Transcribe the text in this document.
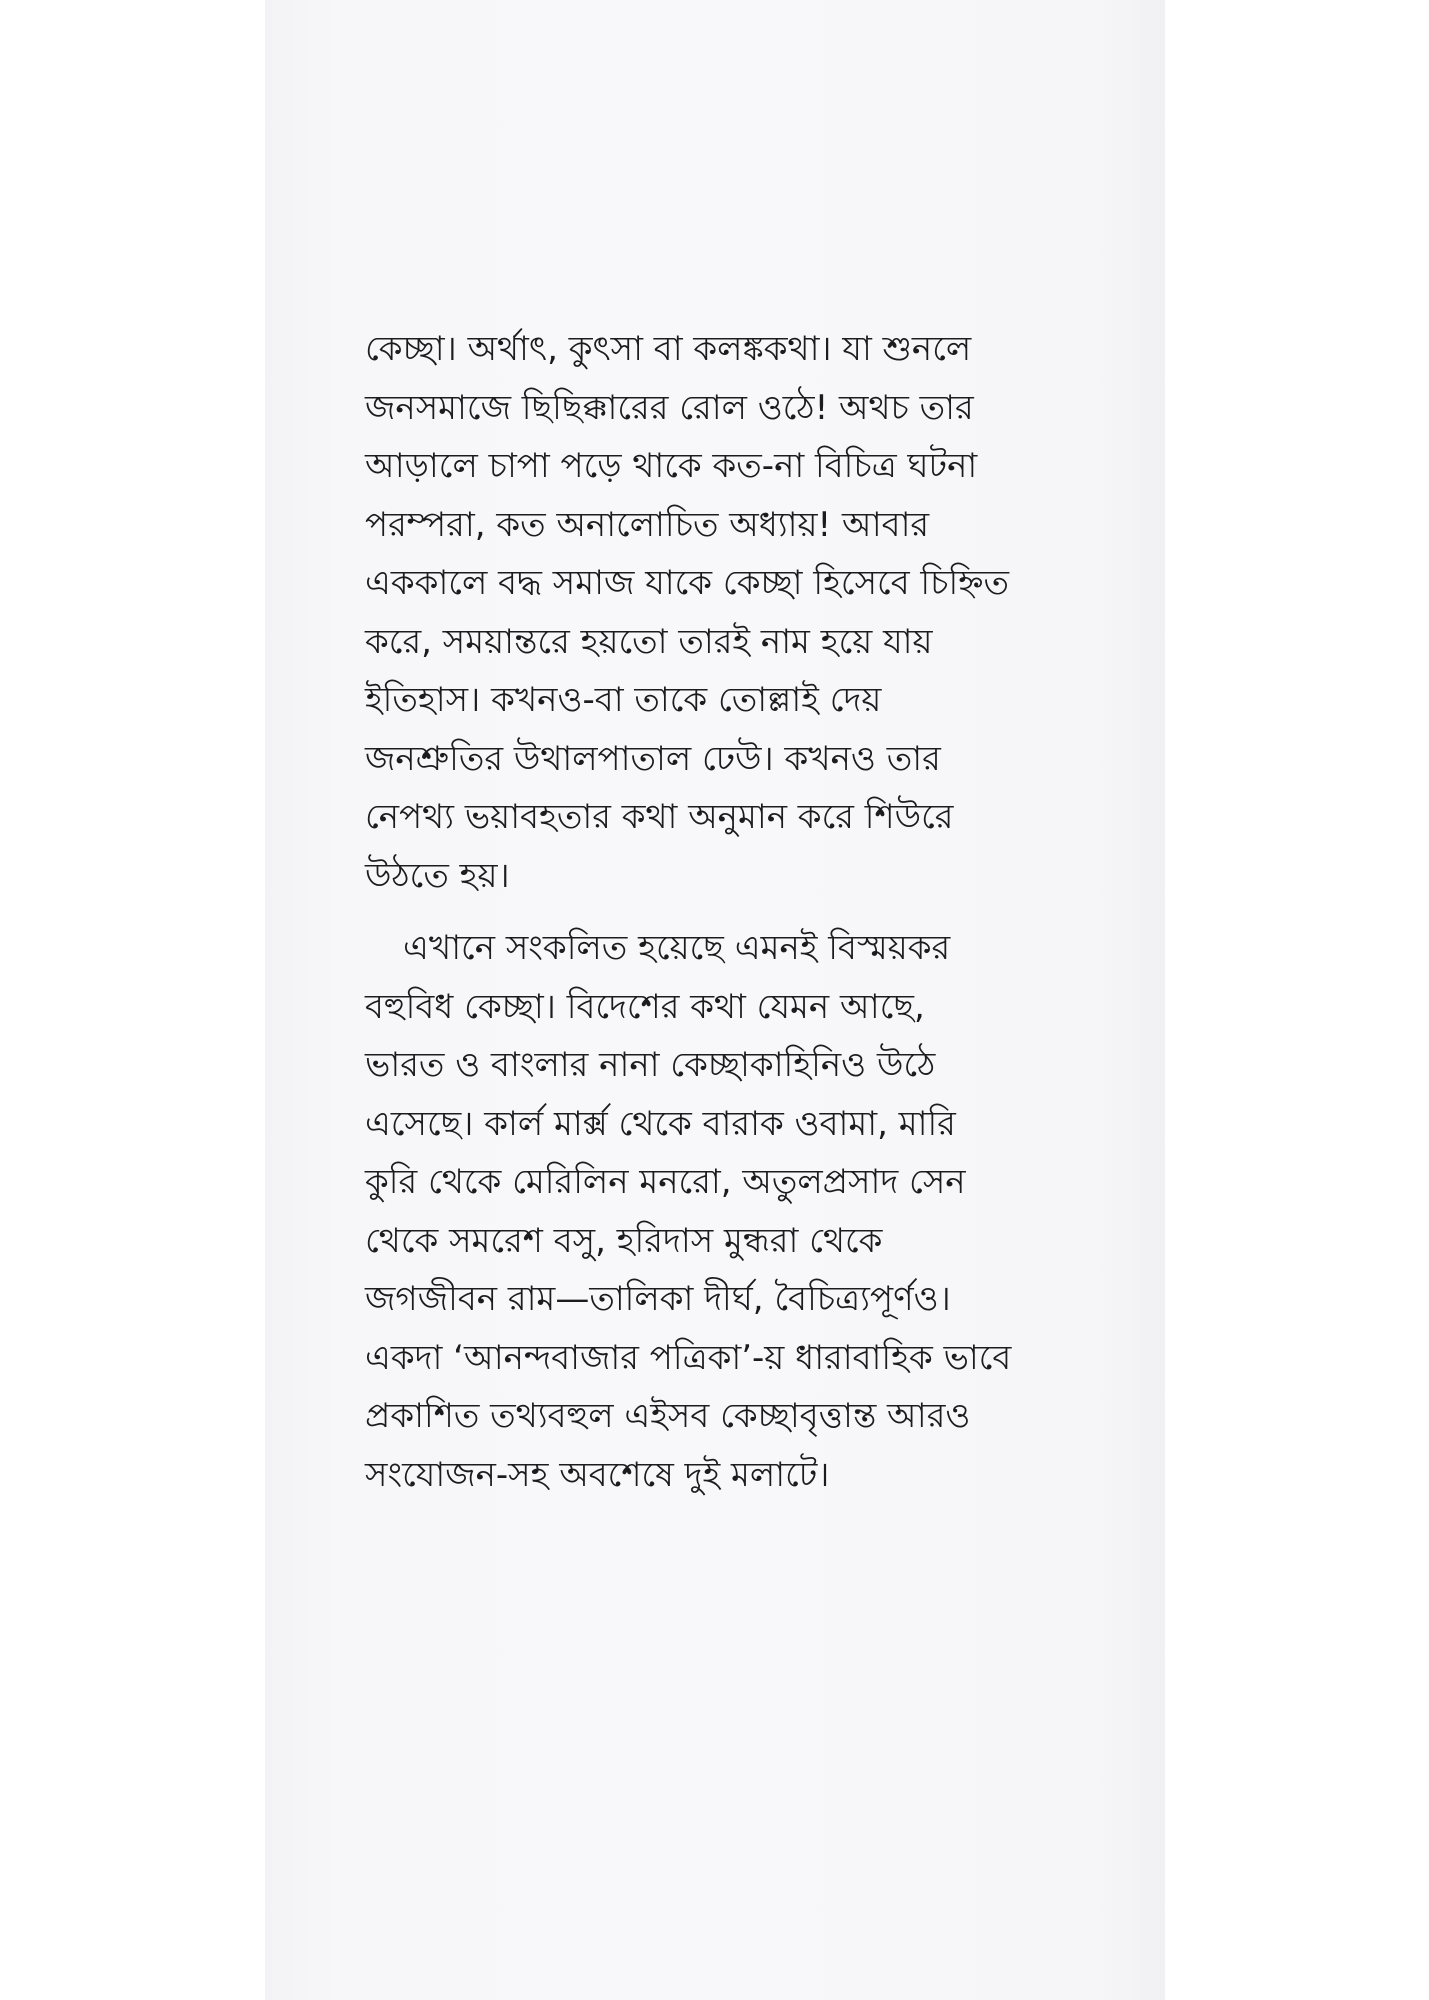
কেচ্ছা। অর্থাৎ, কুৎসা বা কলঙ্ককথা। যা শুনলে
জনসমাজে ছিছিক্কারের রোল ওঠে! অথচ তার
আড়ালে চাপা পড়ে থাকে কত-না বিচিত্র ঘটনা
পরম্পরা, কত অনালোচিত অধ্যায়! আবার
এককালে বদ্ধ সমাজ যাকে কেচ্ছা হিসেবে চিহ্নিত
করে, সময়ান্তরে হয়তো তারই নাম হয়ে যায়
ইতিহাস। কখনও-বা তাকে তোল্লাই দেয়
জনশ্রুতির উথালপাতাল ঢেউ। কখনও তার
নেপথ্য ভয়াবহতার কথা অনুমান করে শিউরে
উঠতে হয়।
এখানে সংকলিত হয়েছে এমনই বিস্ময়কর
বহুবিধ কেচ্ছা। বিদেশের কথা যেমন আছে,
ভারত ও বাংলার নানা কেচ্ছাকাহিনিও উঠে
এসেছে। কার্ল মার্ক্স থেকে বারাক ওবামা, মারি
কুরি থেকে মেরিলিন মনরো, অতুলপ্রসাদ সেন
থেকে সমরেশ বসু, হরিদাস মুন্ধরা থেকে
জগজীবন রাম—তালিকা দীর্ঘ, বৈচিত্র্যপূর্ণও।
একদা ‘আনন্দবাজার পত্রিকা’-য় ধারাবাহিক ভাবে
প্রকাশিত তথ্যবহুল এইসব কেচ্ছাবৃত্তান্ত আরও
সংযোজন-সহ অবশেষে দুই মলাটে।
